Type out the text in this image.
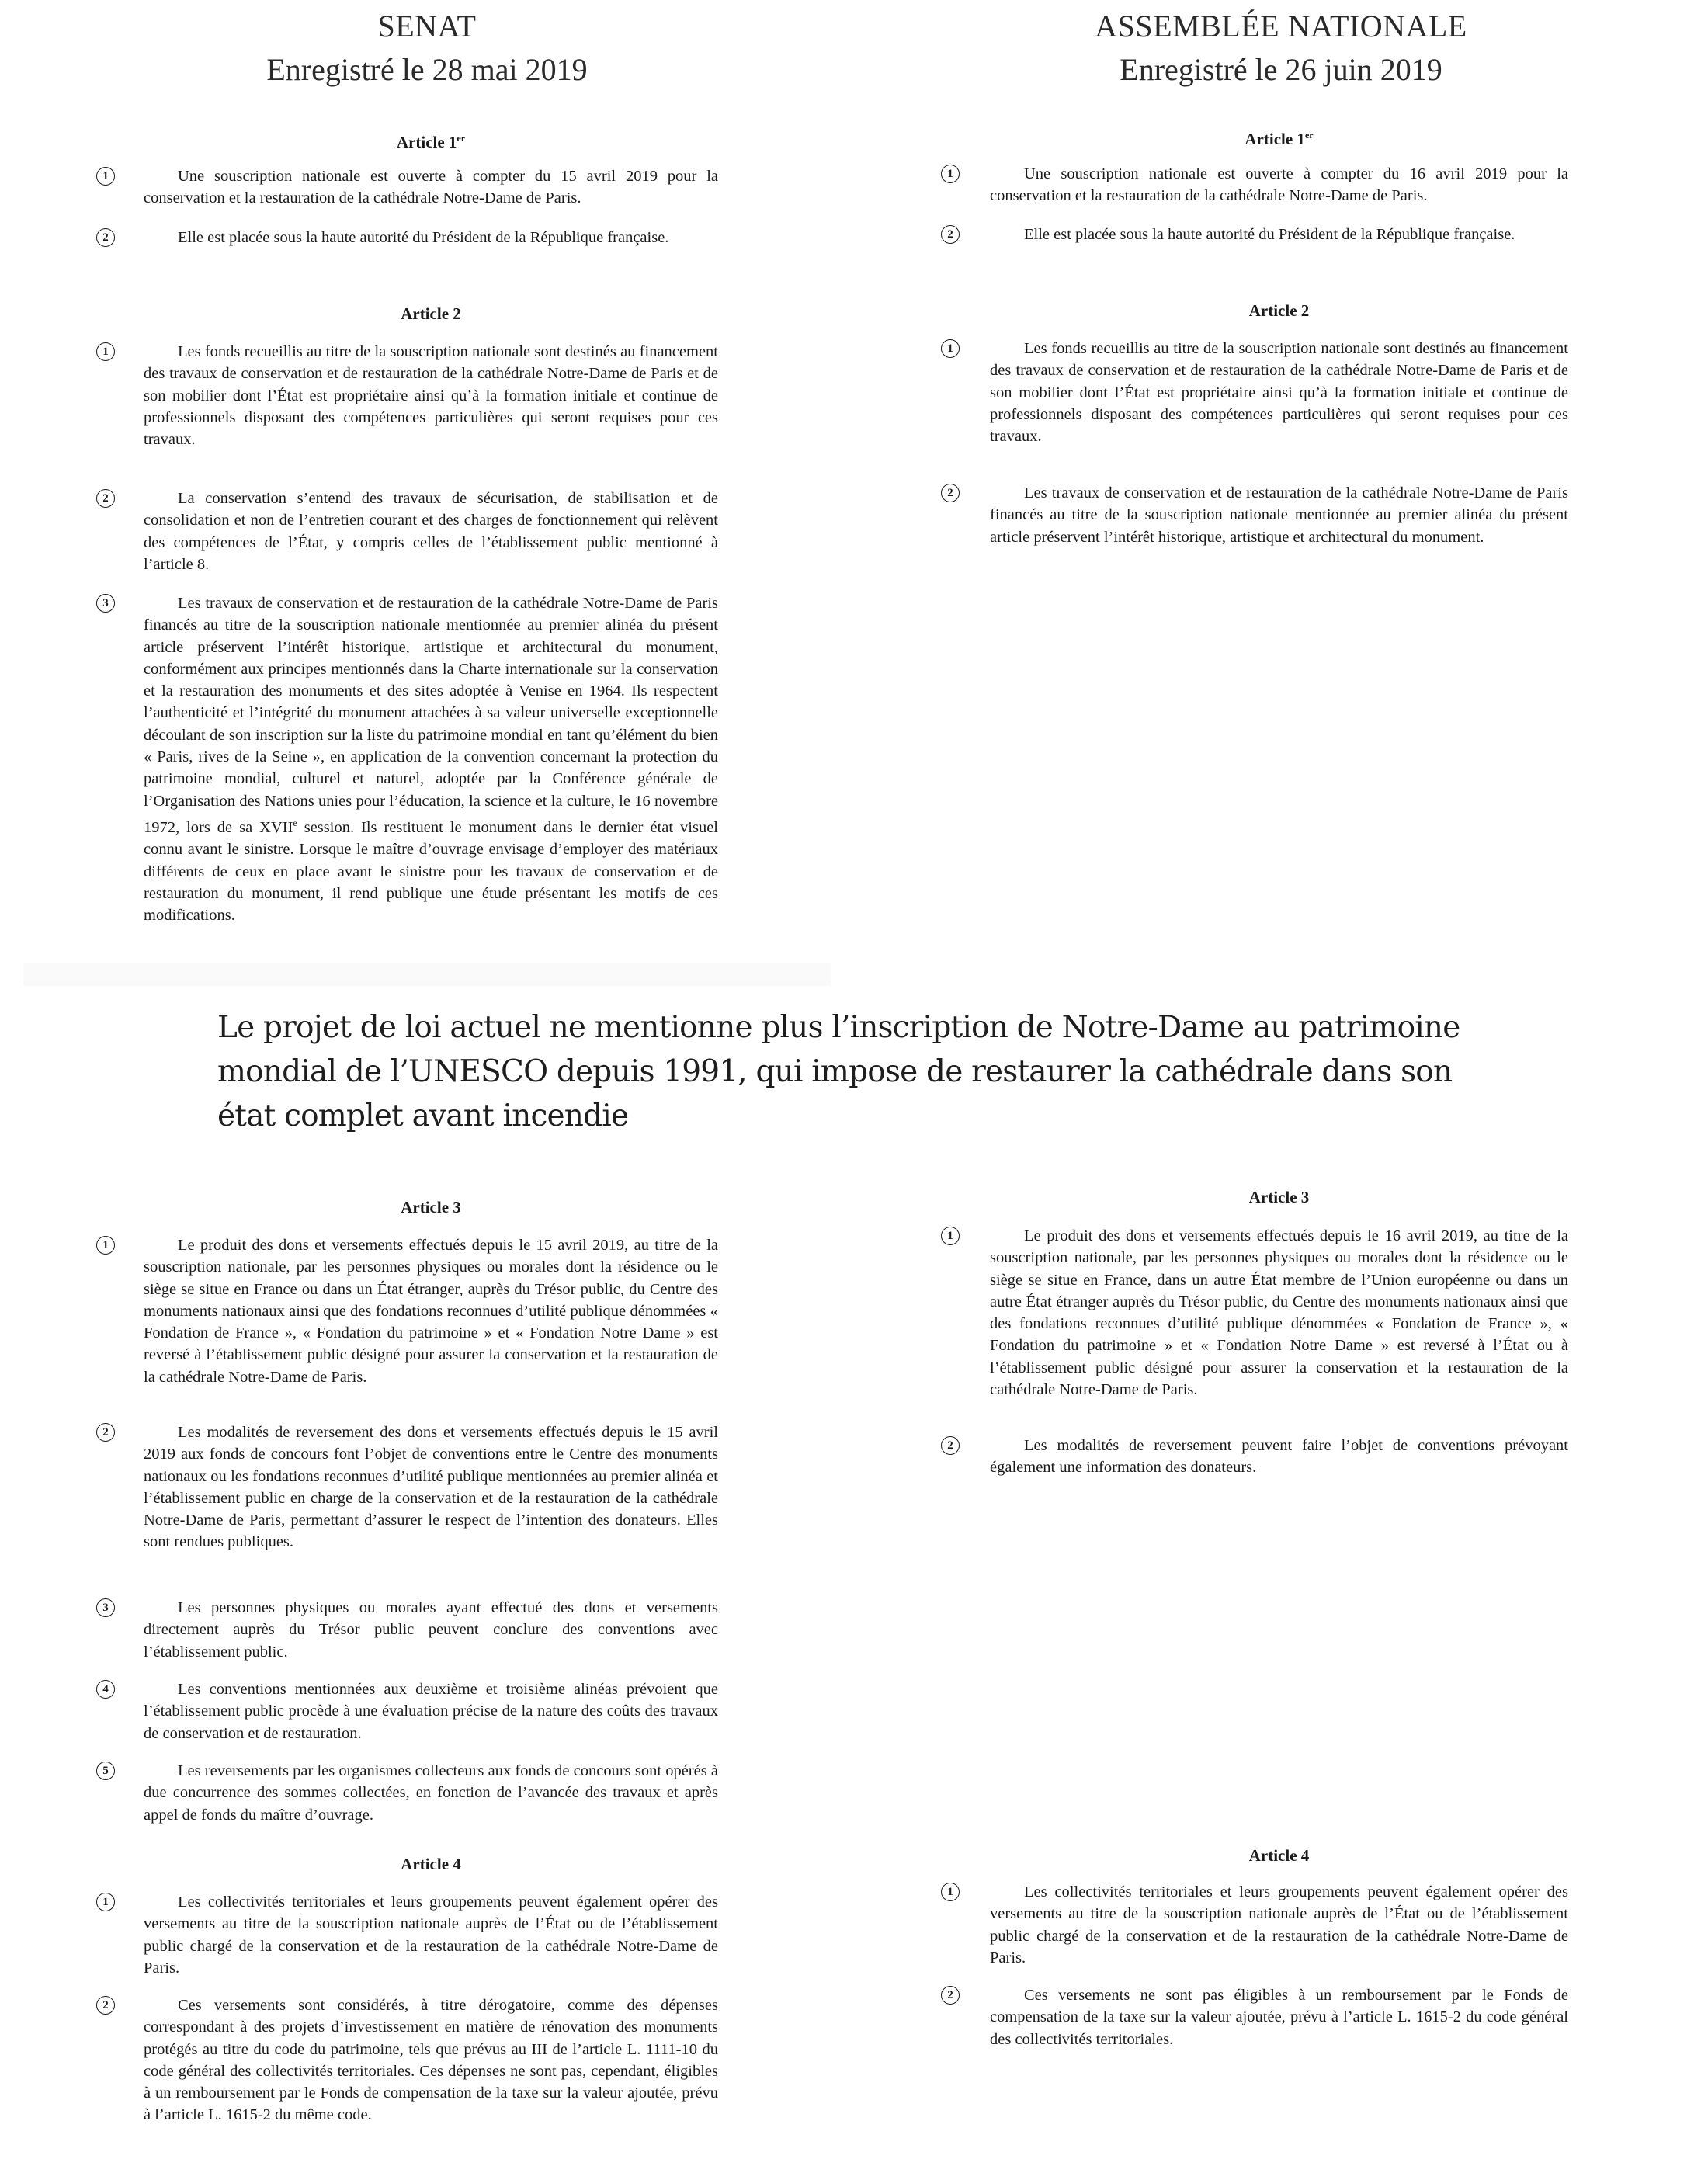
SENAT
Enregistré le 28 mai 2019
ASSEMBLÉE NATIONALE
Enregistré le 26 juin 2019
Article 1er
1	Une souscription nationale est ouverte à compter du 15 avril 2019 pour la conservation et la restauration de la cathédrale Notre-Dame de Paris.
2	Elle est placée sous la haute autorité du Président de la République française.
Article 2
1	Les fonds recueillis au titre de la souscription nationale sont destinés au financement des travaux de conservation et de restauration de la cathédrale Notre-Dame de Paris et de son mobilier dont l’État est propriétaire ainsi qu’à la formation initiale et continue de professionnels disposant des compétences particulières qui seront requises pour ces travaux.
2	La conservation s’entend des travaux de sécurisation, de stabilisation et de consolidation et non de l’entretien courant et des charges de fonctionnement qui relèvent des compétences de l’État, y compris celles de l’établissement public mentionné à l’article 8.
3	Les travaux de conservation et de restauration de la cathédrale Notre-Dame de Paris financés au titre de la souscription nationale mentionnée au premier alinéa du présent article préservent l’intérêt historique, artistique et architectural du monument, conformément aux principes mentionnés dans la Charte internationale sur la conservation et la restauration des monuments et des sites adoptée à Venise en 1964. Ils respectent l’authenticité et l’intégrité du monument attachées à sa valeur universelle exceptionnelle découlant de son inscription sur la liste du patrimoine mondial en tant qu’élément du bien « Paris, rives de la Seine », en application de la convention concernant la protection du patrimoine mondial, culturel et naturel, adoptée par la Conférence générale de l’Organisation des Nations unies pour l’éducation, la science et la culture, le 16 novembre 1972, lors de sa XVIIe session. Ils restituent le monument dans le dernier état visuel connu avant le sinistre. Lorsque le maître d’ouvrage envisage d’employer des matériaux différents de ceux en place avant le sinistre pour les travaux de conservation et de restauration du monument, il rend publique une étude présentant les motifs de ces modifications.
Article 1er
1	Une souscription nationale est ouverte à compter du 16 avril 2019 pour la conservation et la restauration de la cathédrale Notre-Dame de Paris.
2	Elle est placée sous la haute autorité du Président de la République française.
Article 2
1	Les fonds recueillis au titre de la souscription nationale sont destinés au financement des travaux de conservation et de restauration de la cathédrale Notre-Dame de Paris et de son mobilier dont l’État est propriétaire ainsi qu’à la formation initiale et continue de professionnels disposant des compétences particulières qui seront requises pour ces travaux.
2	Les travaux de conservation et de restauration de la cathédrale Notre-Dame de Paris financés au titre de la souscription nationale mentionnée au premier alinéa du présent article préservent l’intérêt historique, artistique et architectural du monument.
Le projet de loi actuel ne mentionne plus l’inscription de Notre-Dame au patrimoine mondial de l’UNESCO depuis 1991, qui impose de restaurer la cathédrale dans son état complet avant incendie
Article 3
1	Le produit des dons et versements effectués depuis le 15 avril 2019, au titre de la souscription nationale, par les personnes physiques ou morales dont la résidence ou le siège se situe en France ou dans un État étranger, auprès du Trésor public, du Centre des monuments nationaux ainsi que des fondations reconnues d’utilité publique dénommées « Fondation de France », « Fondation du patrimoine » et « Fondation Notre Dame » est reversé à l’établissement public désigné pour assurer la conservation et la restauration de la cathédrale Notre-Dame de Paris.
2	Les modalités de reversement des dons et versements effectués depuis le 15 avril 2019 aux fonds de concours font l’objet de conventions entre le Centre des monuments nationaux ou les fondations reconnues d’utilité publique mentionnées au premier alinéa et l’établissement public en charge de la conservation et de la restauration de la cathédrale Notre-Dame de Paris, permettant d’assurer le respect de l’intention des donateurs. Elles sont rendues publiques.
3	Les personnes physiques ou morales ayant effectué des dons et versements directement auprès du Trésor public peuvent conclure des conventions avec l’établissement public.
4	Les conventions mentionnées aux deuxième et troisième alinéas prévoient que l’établissement public procède à une évaluation précise de la nature des coûts des travaux de conservation et de restauration.
5	Les reversements par les organismes collecteurs aux fonds de concours sont opérés à due concurrence des sommes collectées, en fonction de l’avancée des travaux et après appel de fonds du maître d’ouvrage.
Article 4
1	Les collectivités territoriales et leurs groupements peuvent également opérer des versements au titre de la souscription nationale auprès de l’État ou de l’établissement public chargé de la conservation et de la restauration de la cathédrale Notre-Dame de Paris.
2	Ces versements sont considérés, à titre dérogatoire, comme des dépenses correspondant à des projets d’investissement en matière de rénovation des monuments protégés au titre du code du patrimoine, tels que prévus au III de l’article L. 1111-10 du code général des collectivités territoriales. Ces dépenses ne sont pas, cependant, éligibles à un remboursement par le Fonds de compensation de la taxe sur la valeur ajoutée, prévu à l’article L. 1615-2 du même code.
Article 3
1	Le produit des dons et versements effectués depuis le 16 avril 2019, au titre de la souscription nationale, par les personnes physiques ou morales dont la résidence ou le siège se situe en France, dans un autre État membre de l’Union européenne ou dans un autre État étranger auprès du Trésor public, du Centre des monuments nationaux ainsi que des fondations reconnues d’utilité publique dénommées « Fondation de France », « Fondation du patrimoine » et « Fondation Notre Dame » est reversé à l’État ou à l’établissement public désigné pour assurer la conservation et la restauration de la cathédrale Notre-Dame de Paris.
2	Les modalités de reversement peuvent faire l’objet de conventions prévoyant également une information des donateurs.
Article 4
1	Les collectivités territoriales et leurs groupements peuvent également opérer des versements au titre de la souscription nationale auprès de l’État ou de l’établissement public chargé de la conservation et de la restauration de la cathédrale Notre-Dame de Paris.
2	Ces versements ne sont pas éligibles à un remboursement par le Fonds de compensation de la taxe sur la valeur ajoutée, prévu à l’article L. 1615-2 du code général des collectivités territoriales.
